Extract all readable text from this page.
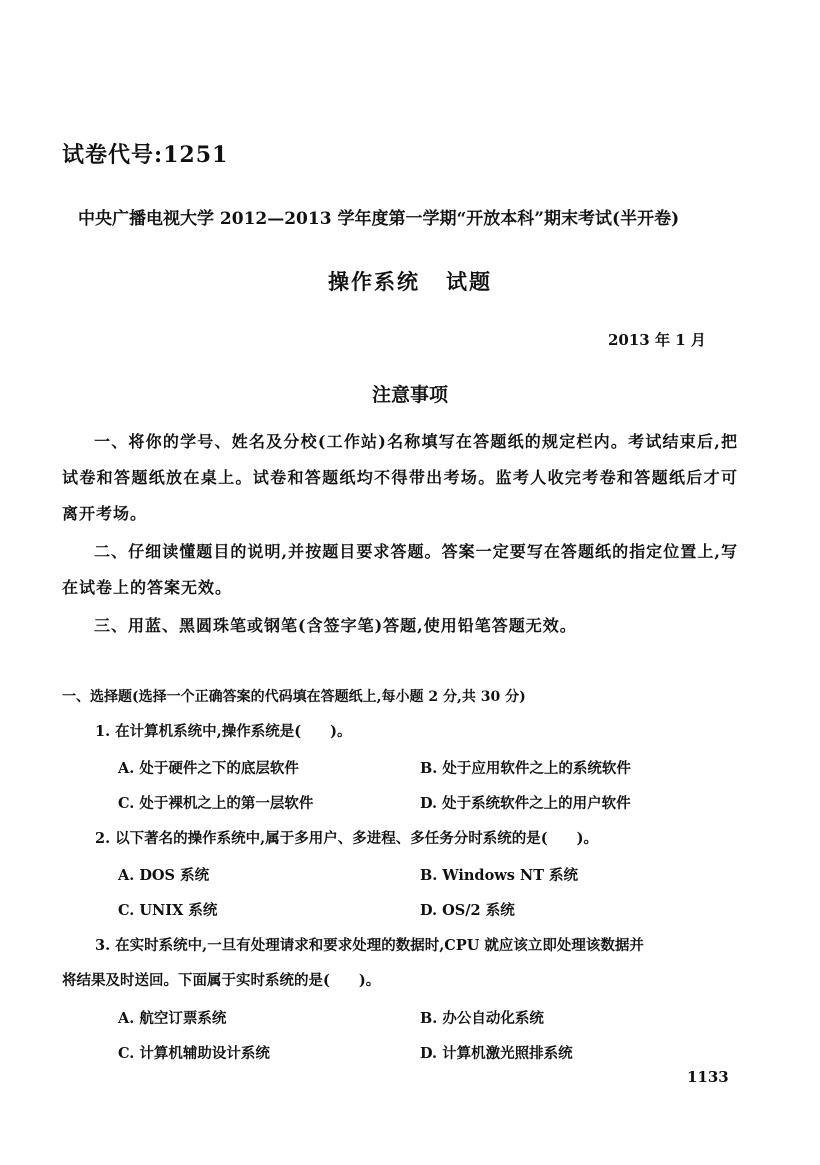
试卷代号:1251
中央广播电视大学 2012—2013 学年度第一学期“开放本科”期末考试(半开卷)
操作系统 试题
2013 年 1 月
注意事项
一、将你的学号、姓名及分校(工作站)名称填写在答题纸的规定栏内。考试结束后,把试卷和答题纸放在桌上。试卷和答题纸均不得带出考场。监考人收完考卷和答题纸后才可离开考场。
二、仔细读懂题目的说明,并按题目要求答题。答案一定要写在答题纸的指定位置上,写在试卷上的答案无效。
三、用蓝、黑圆珠笔或钢笔(含签字笔)答题,使用铅笔答题无效。
一、选择题(选择一个正确答案的代码填在答题纸上,每小题 2 分,共 30 分)
1. 在计算机系统中,操作系统是(　　)。
A. 处于硬件之下的底层软件	B. 处于应用软件之上的系统软件
C. 处于裸机之上的第一层软件	D. 处于系统软件之上的用户软件
2. 以下著名的操作系统中,属于多用户、多进程、多任务分时系统的是(　　)。
A. DOS 系统	B. Windows NT 系统
C. UNIX 系统	D. OS/2 系统
3. 在实时系统中,一旦有处理请求和要求处理的数据时,CPU 就应该立即处理该数据并
将结果及时送回。下面属于实时系统的是(　　)。
A. 航空订票系统	B. 办公自动化系统
C. 计算机辅助设计系统	D. 计算机激光照排系统
1133
